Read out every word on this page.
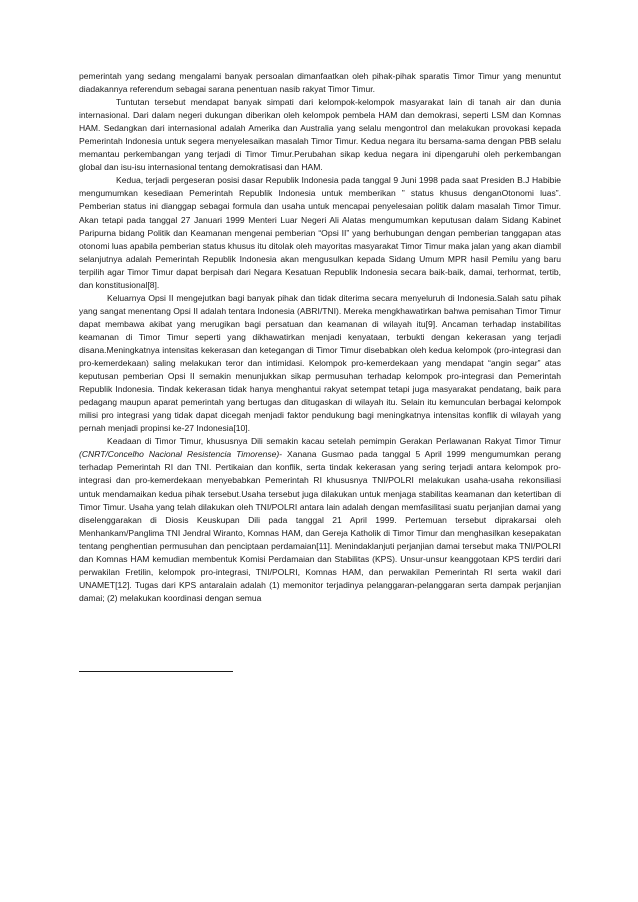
pemerintah yang sedang mengalami banyak persoalan dimanfaatkan oleh pihak-pihak sparatis Timor Timur yang menuntut diadakannya referendum sebagai sarana penentuan nasib rakyat Timor Timur.

Tuntutan tersebut mendapat banyak simpati dari kelompok-kelompok masyarakat lain di tanah air dan dunia internasional. Dari dalam negeri dukungan diberikan oleh kelompok pembela HAM dan demokrasi, seperti LSM dan Komnas HAM. Sedangkan dari internasional adalah Amerika dan Australia yang selalu mengontrol dan melakukan provokasi kepada Pemerintah Indonesia untuk segera menyelesaikan masalah Timor Timur. Kedua negara itu bersama-sama dengan PBB selalu memantau perkembangan yang terjadi di Timor Timur.Perubahan sikap kedua negara ini dipengaruhi oleh perkembangan global dan isu-isu internasional tentang demokratisasi dan HAM.

Kedua, terjadi pergeseran posisi dasar Republik Indonesia pada tanggal 9 Juni 1998 pada saat Presiden B.J Habibie mengumumkan kesediaan Pemerintah Republik Indonesia untuk memberikan ” status khusus denganOtonomi luas”. Pemberian status ini dianggap sebagai formula dan usaha untuk mencapai penyelesaian politik dalam masalah Timor Timur. Akan tetapi pada tanggal 27 Januari 1999 Menteri Luar Negeri Ali Alatas mengumumkan keputusan dalam Sidang Kabinet Paripurna bidang Politik dan Keamanan mengenai pemberian “Opsi II” yang berhubungan dengan pemberian tanggapan atas otonomi luas apabila pemberian status khusus itu ditolak oleh mayoritas masyarakat Timor Timur maka jalan yang akan diambil selanjutnya adalah Pemerintah Republik Indonesia akan mengusulkan kepada Sidang Umum MPR hasil Pemilu yang baru terpilih agar Timor Timur dapat berpisah dari Negara Kesatuan Republik Indonesia secara baik-baik, damai, terhormat, tertib, dan konstitusional[8].

Keluarnya Opsi II mengejutkan bagi banyak pihak dan tidak diterima secara menyeluruh di Indonesia.Salah satu pihak yang sangat menentang Opsi II adalah tentara Indonesia (ABRI/TNI). Mereka mengkhawatirkan bahwa pemisahan Timor Timur dapat membawa akibat yang merugikan bagi persatuan dan keamanan di wilayah itu[9]. Ancaman terhadap instabilitas keamanan di Timor Timur seperti yang dikhawatirkan menjadi kenyataan, terbukti dengan kekerasan yang terjadi disana.Meningkatnya intensitas kekerasan dan ketegangan di Timor Timur disebabkan oleh kedua kelompok (pro-integrasi dan pro-kemerdekaan) saling melakukan teror dan intimidasi. Kelompok pro-kemerdekaan yang mendapat “angin segar” atas keputusan pemberian Opsi II semakin menunjukkan sikap permusuhan terhadap kelompok pro-integrasi dan Pemerintah Republik Indonesia. Tindak kekerasan tidak hanya menghantui rakyat setempat tetapi juga masyarakat pendatang, baik para pedagang maupun aparat pemerintah yang bertugas dan ditugaskan di wilayah itu. Selain itu kemunculan berbagai kelompok milisi pro integrasi yang tidak dapat dicegah menjadi faktor pendukung bagi meningkatnya intensitas konflik di wilayah yang pernah menjadi propinsi ke-27 Indonesia[10].

Keadaan di Timor Timur, khususnya Dili semakin kacau setelah pemimpin Gerakan Perlawanan Rakyat Timor Timur (CNRT/Concelho Nacional Resistencia Timorense)- Xanana Gusmao pada tanggal 5 April 1999 mengumumkan perang terhadap Pemerintah RI dan TNI. Pertikaian dan konflik, serta tindak kekerasan yang sering terjadi antara kelompok pro-integrasi dan pro-kemerdekaan menyebabkan Pemerintah RI khususnya TNI/POLRI melakukan usaha-usaha rekonsiliasi untuk mendamaikan kedua pihak tersebut.Usaha tersebut juga dilakukan untuk menjaga stabilitas keamanan dan ketertiban di Timor Timur. Usaha yang telah dilakukan oleh TNI/POLRI antara lain adalah dengan memfasilitasi suatu perjanjian damai yang diselenggarakan di Diosis Keuskupan Dili pada tanggal 21 April 1999. Pertemuan tersebut diprakarsai oleh Menhankam/Panglima TNI Jendral Wiranto, Komnas HAM, dan Gereja Katholik di Timor Timur dan menghasilkan kesepakatan tentang penghentian permusuhan dan penciptaan perdamaian[11]. Menindaklanjuti perjanjian damai tersebut maka TNI/POLRI dan Komnas HAM kemudian membentuk Komisi Perdamaian dan Stabilitas (KPS). Unsur-unsur keanggotaan KPS terdiri dari perwakilan Fretilin, kelompok pro-integrasi, TNI/POLRI, Komnas HAM, dan perwakilan Pemerintah RI serta wakil dari UNAMET[12]. Tugas dari KPS antaralain adalah (1) memonitor terjadinya pelanggaran-pelanggaran serta dampak perjanjian damai; (2) melakukan koordinasi dengan semua
